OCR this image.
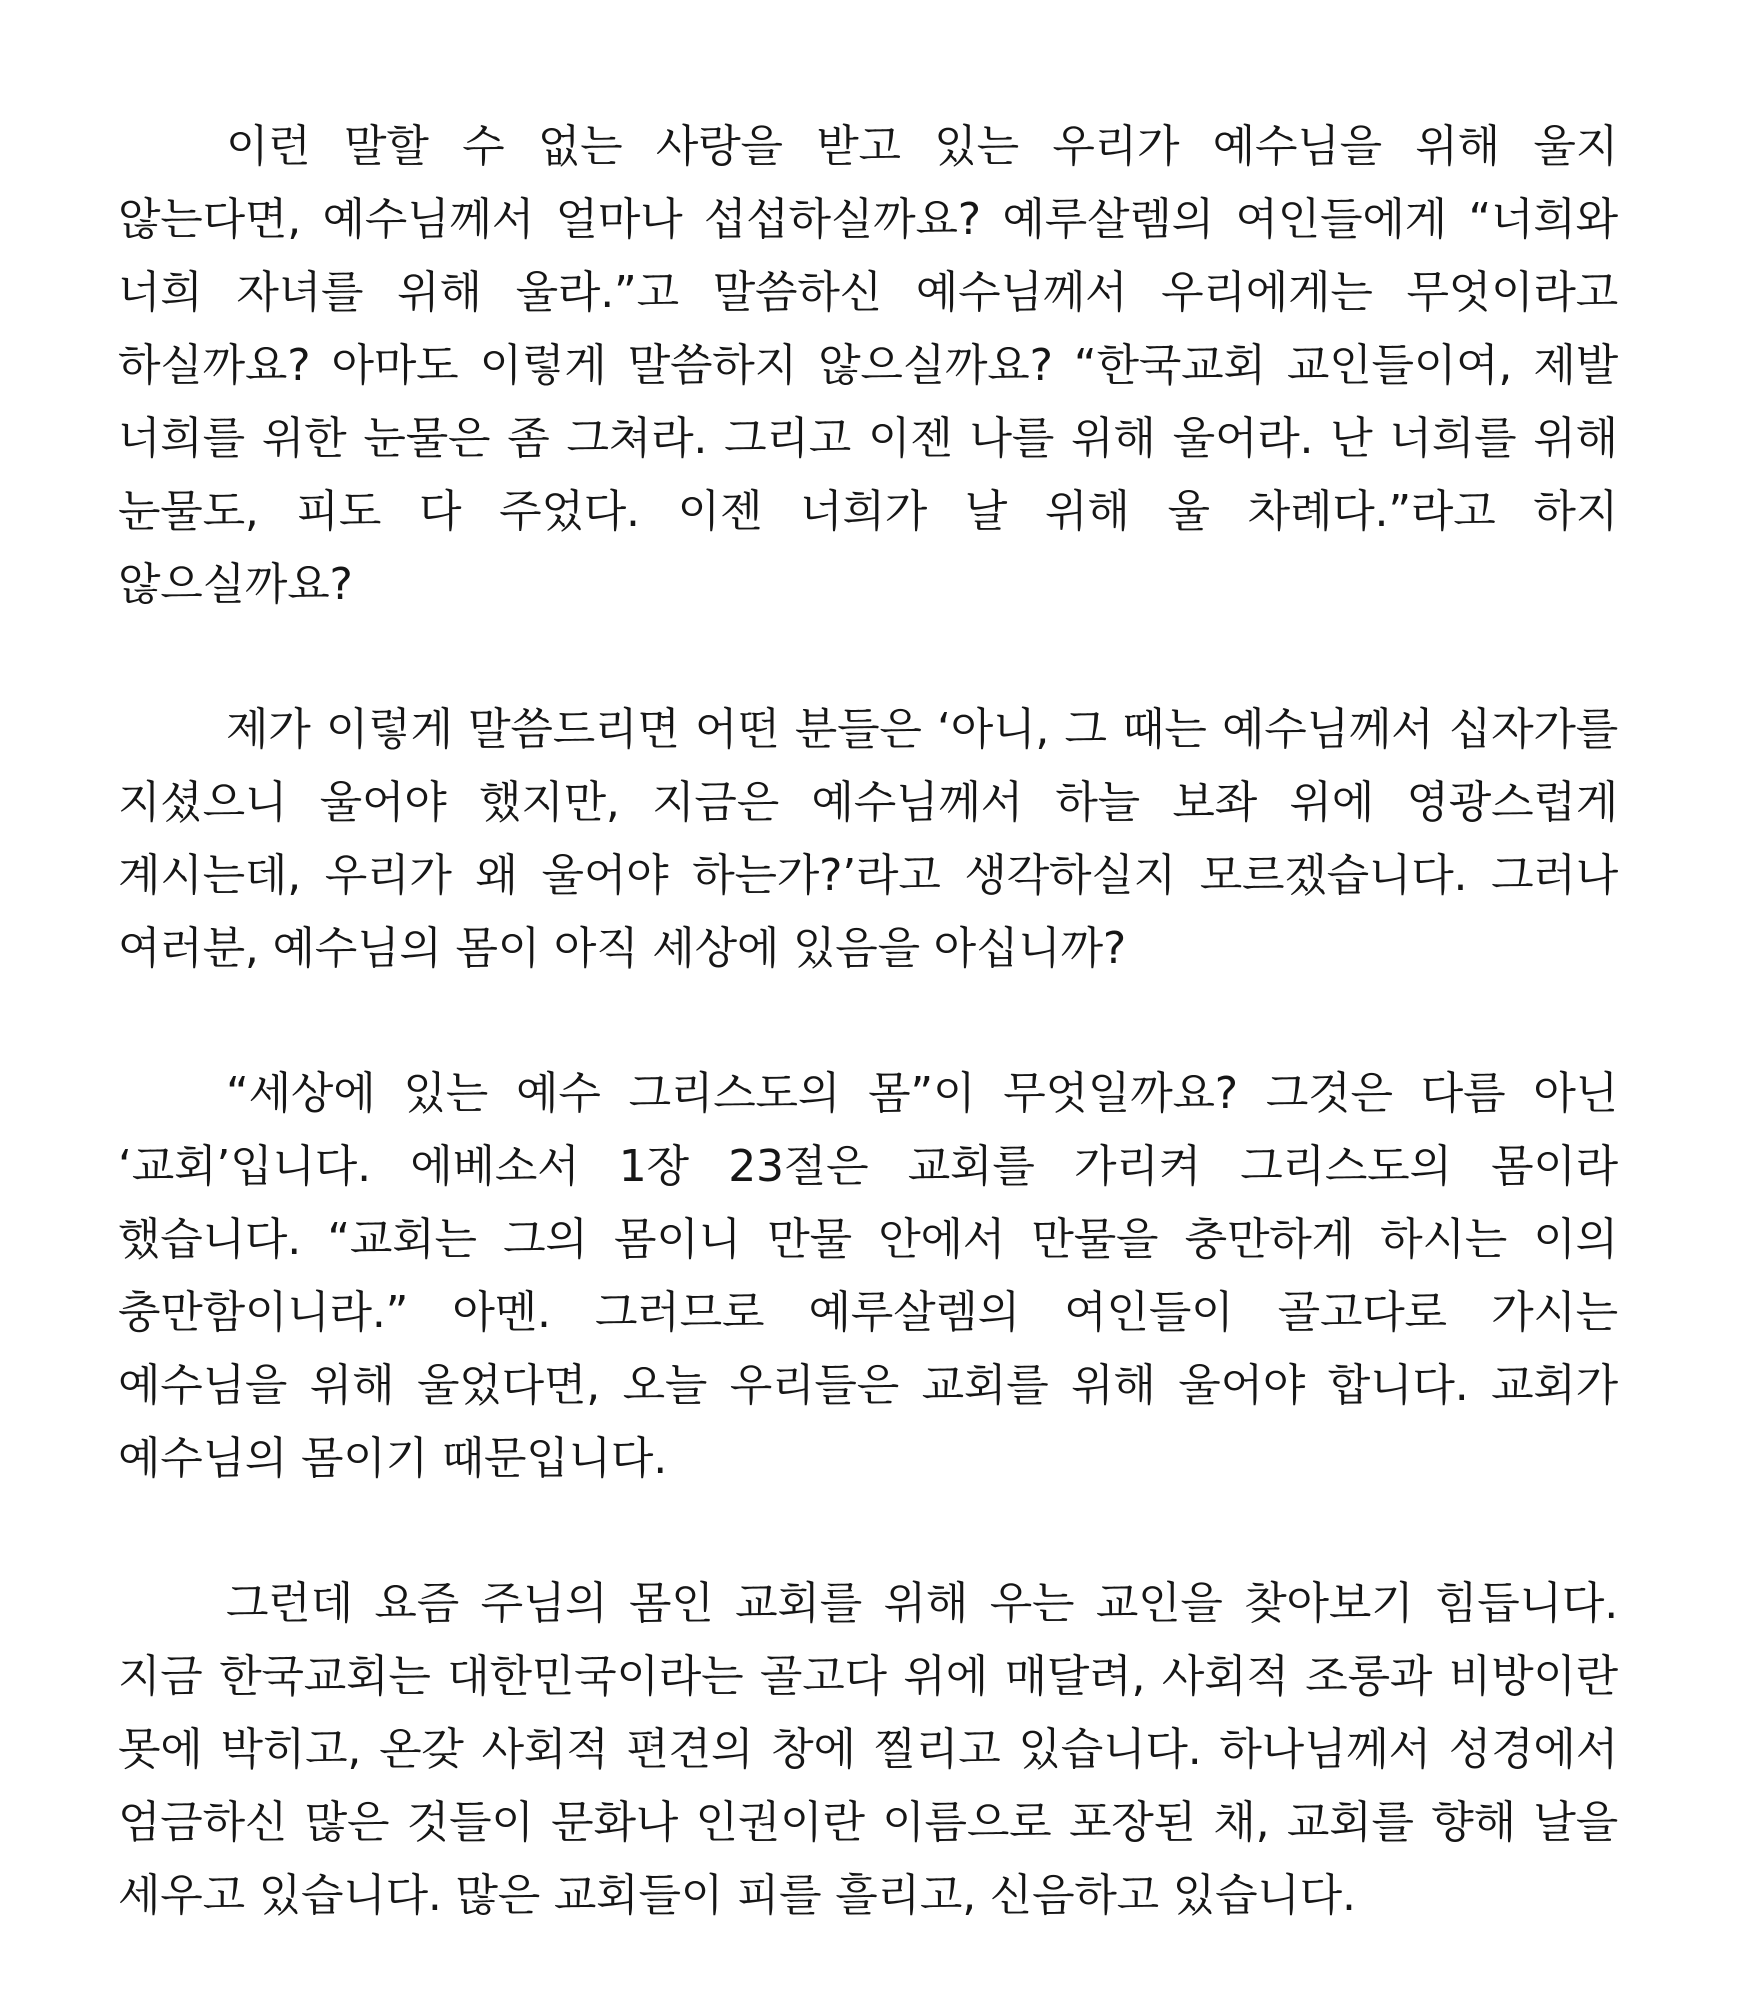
이런 말할 수 없는 사랑을 받고 있는 우리가 예수님을 위해 울지 않는다면, 예수님께서 얼마나 섭섭하실까요? 예루살렘의 여인들에게 “너희와 너희 자녀를 위해 울라.”고 말씀하신 예수님께서 우리에게는 무엇이라고 하실까요? 아마도 이렇게 말씀하지 않으실까요? “한국교회 교인들이여, 제발 너희를 위한 눈물은 좀 그쳐라. 그리고 이젠 나를 위해 울어라. 난 너희를 위해 눈물도, 피도 다 주었다. 이젠 너희가 날 위해 울 차례다.”라고 하지 않으실까요?

제가 이렇게 말씀드리면 어떤 분들은 ‘아니, 그 때는 예수님께서 십자가를 지셨으니 울어야 했지만, 지금은 예수님께서 하늘 보좌 위에 영광스럽게 계시는데, 우리가 왜 울어야 하는가?’라고 생각하실지 모르겠습니다. 그러나 여러분, 예수님의 몸이 아직 세상에 있음을 아십니까?

“세상에 있는 예수 그리스도의 몸”이 무엇일까요? 그것은 다름 아닌 ‘교회’입니다. 에베소서 1장 23절은 교회를 가리켜 그리스도의 몸이라 했습니다. “교회는 그의 몸이니 만물 안에서 만물을 충만하게 하시는 이의 충만함이니라.” 아멘. 그러므로 예루살렘의 여인들이 골고다로 가시는 예수님을 위해 울었다면, 오늘 우리들은 교회를 위해 울어야 합니다. 교회가 예수님의 몸이기 때문입니다.

그런데 요즘 주님의 몸인 교회를 위해 우는 교인을 찾아보기 힘듭니다. 지금 한국교회는 대한민국이라는 골고다 위에 매달려, 사회적 조롱과 비방이란 못에 박히고, 온갖 사회적 편견의 창에 찔리고 있습니다. 하나님께서 성경에서 엄금하신 많은 것들이 문화나 인권이란 이름으로 포장된 채, 교회를 향해 날을 세우고 있습니다. 많은 교회들이 피를 흘리고, 신음하고 있습니다.
